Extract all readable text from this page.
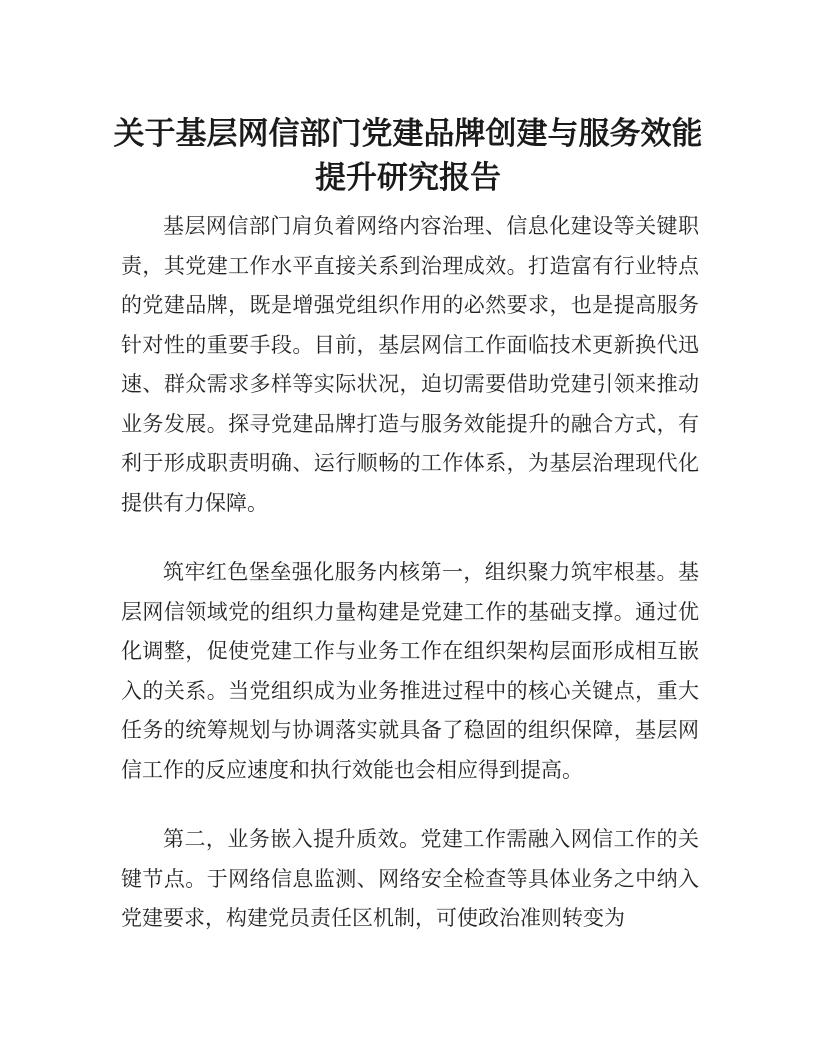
关于基层网信部门党建品牌创建与服务效能
提升研究报告
基层网信部门肩负着网络内容治理、信息化建设等关键职
责，其党建工作水平直接关系到治理成效。打造富有行业特点
的党建品牌，既是增强党组织作用的必然要求，也是提高服务
针对性的重要手段。目前，基层网信工作面临技术更新换代迅
速、群众需求多样等实际状况，迫切需要借助党建引领来推动
业务发展。探寻党建品牌打造与服务效能提升的融合方式，有
利于形成职责明确、运行顺畅的工作体系，为基层治理现代化
提供有力保障。
筑牢红色堡垒强化服务内核第一，组织聚力筑牢根基。基
层网信领域党的组织力量构建是党建工作的基础支撑。通过优
化调整，促使党建工作与业务工作在组织架构层面形成相互嵌
入的关系。当党组织成为业务推进过程中的核心关键点，重大
任务的统筹规划与协调落实就具备了稳固的组织保障，基层网
信工作的反应速度和执行效能也会相应得到提高。
第二，业务嵌入提升质效。党建工作需融入网信工作的关
键节点。于网络信息监测、网络安全检查等具体业务之中纳入
党建要求，构建党员责任区机制，可使政治准则转变为
